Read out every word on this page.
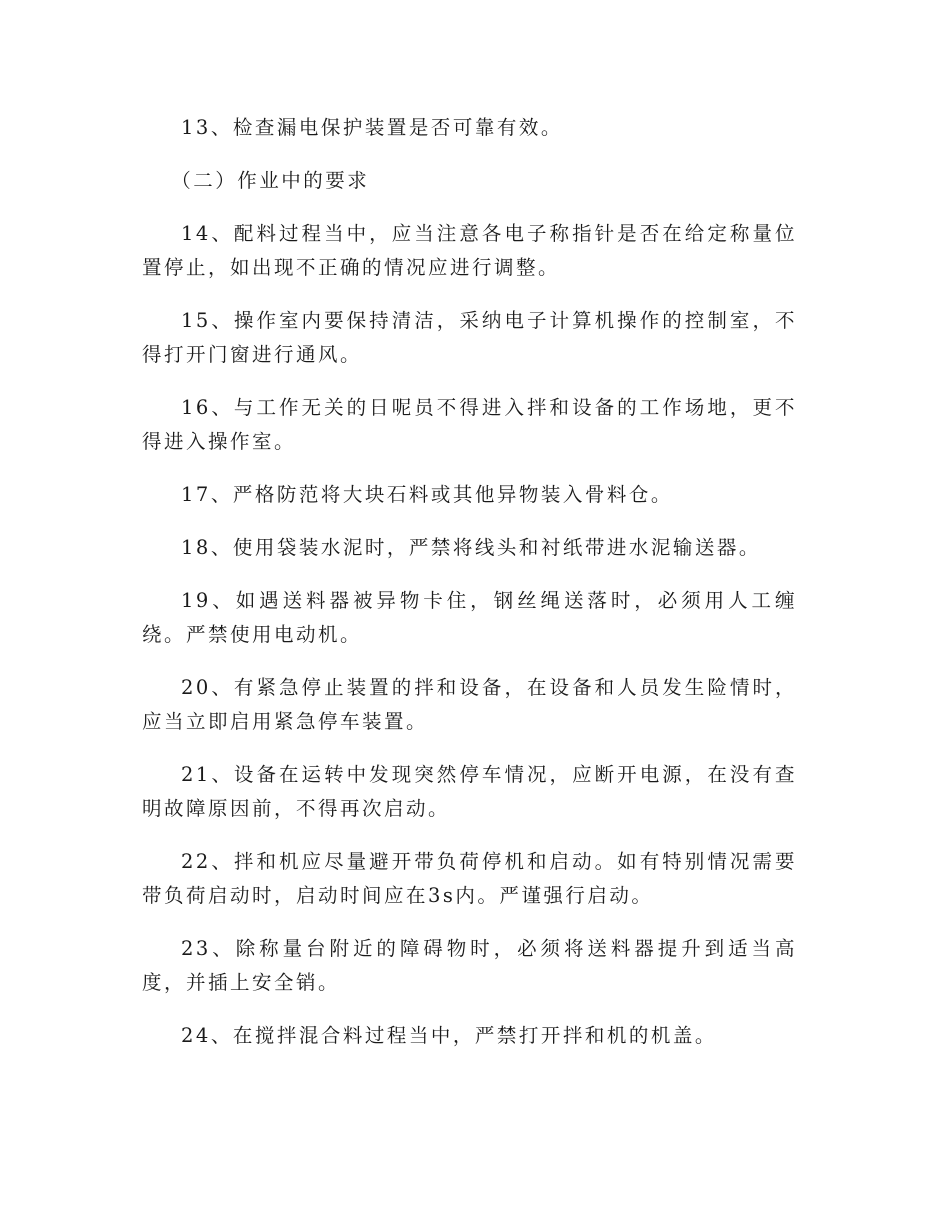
13、检查漏电保护装置是否可靠有效。

（二）作业中的要求

14、配料过程当中，应当注意各电子称指针是否在给定称量位置停止，如出现不正确的情况应进行调整。

15、操作室内要保持清洁，采纳电子计算机操作的控制室，不得打开门窗进行通风。

16、与工作无关的日呢员不得进入拌和设备的工作场地，更不得进入操作室。

17、严格防范将大块石料或其他异物装入骨料仓。

18、使用袋装水泥时，严禁将线头和衬纸带进水泥输送器。

19、如遇送料器被异物卡住，钢丝绳送落时，必须用人工缠绕。严禁使用电动机。

20、有紧急停止装置的拌和设备，在设备和人员发生险情时，应当立即启用紧急停车装置。

21、设备在运转中发现突然停车情况，应断开电源，在没有查明故障原因前，不得再次启动。

22、拌和机应尽量避开带负荷停机和启动。如有特别情况需要带负荷启动时，启动时间应在3s内。严谨强行启动。

23、除称量台附近的障碍物时，必须将送料器提升到适当高度，并插上安全销。

24、在搅拌混合料过程当中，严禁打开拌和机的机盖。
